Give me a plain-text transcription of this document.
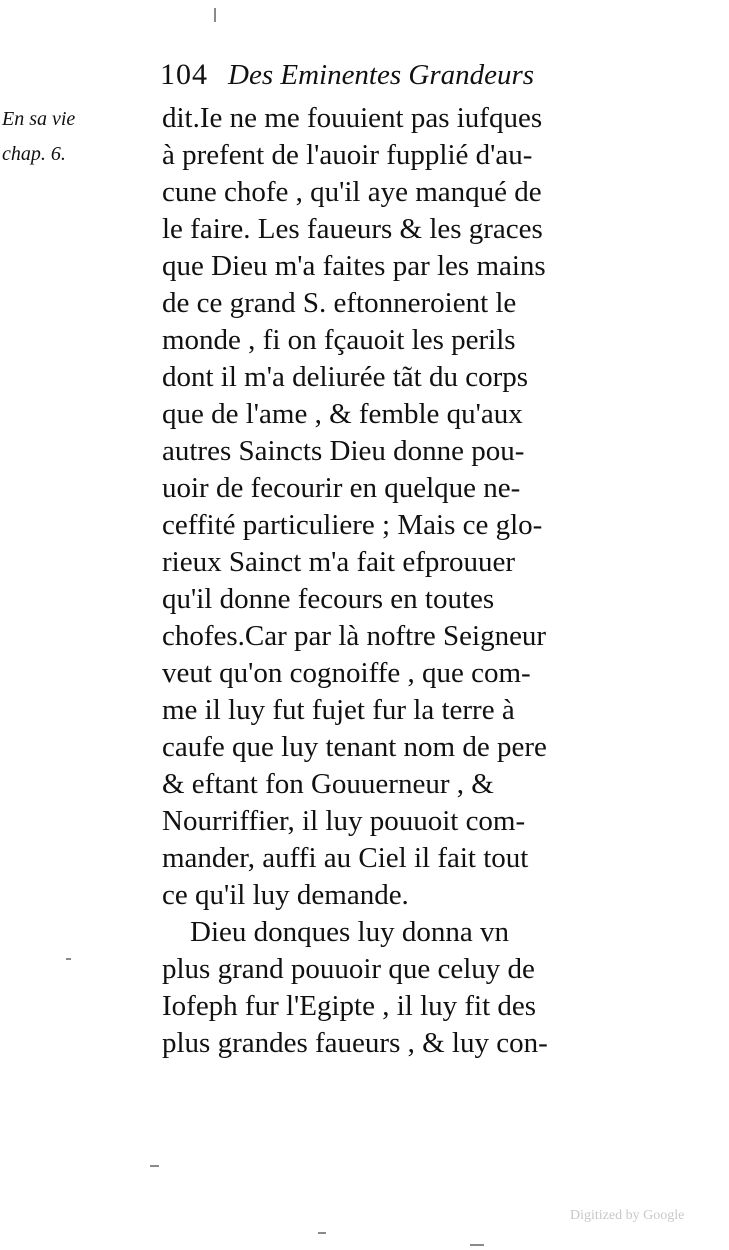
104 Des Eminentes Grandeurs
En sa vie
chap. 6.
dit.Ie ne me fouuient pas iufques
à prefent de l'auoir fupplié d'au-
cune chofe , qu'il aye manqué de
le faire. Les faueurs & les graces
que Dieu m'a faites par les mains
de ce grand S. eftonneroient le
monde , fi on fçauoit les perils
dont il m'a deliurée tãt du corps
que de l'ame , & femble qu'aux
autres Saincts Dieu donne pou-
uoir de fecourir en quelque ne-
ceffité particuliere ; Mais ce glo-
rieux Sainct m'a fait efprouuer
qu'il donne fecours en toutes
chofes.Car par là noftre Seigneur
veut qu'on cognoiffe , que com-
me il luy fut fujet fur la terre à
caufe que luy tenant nom de pere
& eftant fon Gouuerneur , &
Nourriffier, il luy pouuoit com-
mander, auffi au Ciel il fait tout
ce qu'il luy demande.
Dieu donques luy donna vn
plus grand pouuoir que celuy de
Iofeph fur l'Egipte , il luy fit des
plus grandes faueurs , & luy con-
Digitized by Google
